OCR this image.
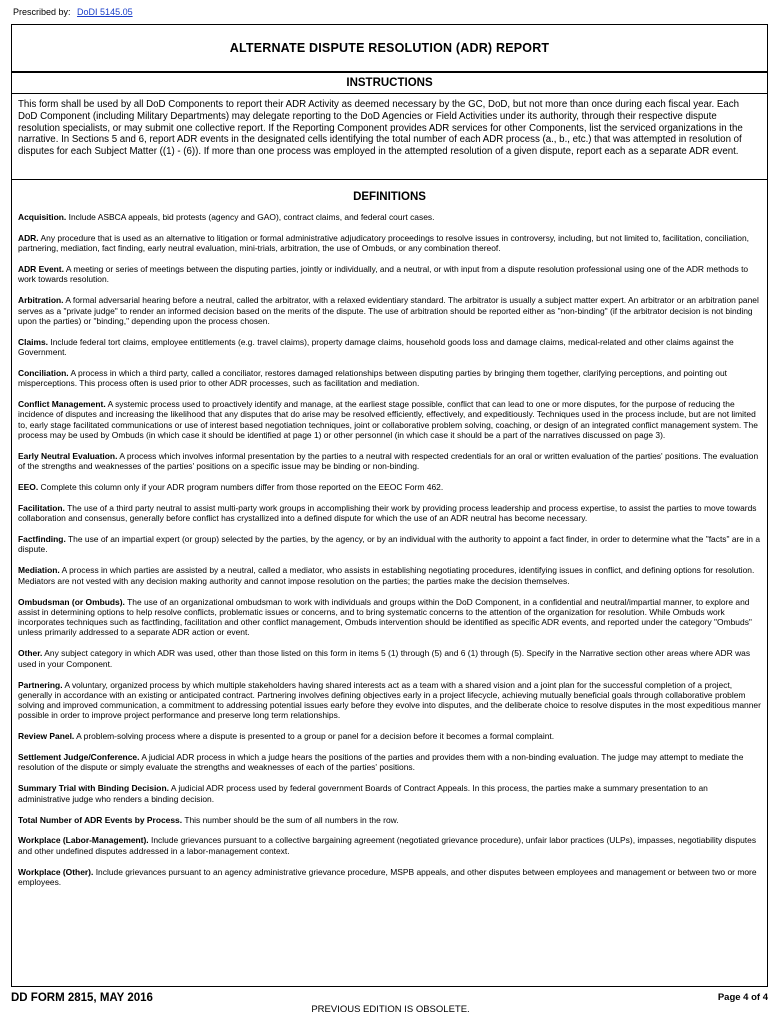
Prescribed by: DoDI 5145.05
ALTERNATE DISPUTE RESOLUTION (ADR) REPORT
INSTRUCTIONS
This form shall be used by all DoD Components to report their ADR Activity as deemed necessary by the GC, DoD, but not more than once during each fiscal year. Each DoD Component (including Military Departments) may delegate reporting to the DoD Agencies or Field Activities under its authority, through their respective dispute resolution specialists, or may submit one collective report. If the Reporting Component provides ADR services for other Components, list the serviced organizations in the narrative. In Sections 5 and 6, report ADR events in the designated cells identifying the total number of each ADR process (a., b., etc.) that was attempted in resolution of disputes for each Subject Matter ((1) - (6)). If more than one process was employed in the attempted resolution of a given dispute, report each as a separate ADR event.
DEFINITIONS

Acquisition. Include ASBCA appeals, bid protests (agency and GAO), contract claims, and federal court cases.

ADR. Any procedure that is used as an alternative to litigation or formal administrative adjudicatory proceedings to resolve issues in controversy, including, but not limited to, facilitation, conciliation, partnering, mediation, fact finding, early neutral evaluation, mini-trials, arbitration, the use of Ombuds, or any combination thereof.

ADR Event. A meeting or series of meetings between the disputing parties, jointly or individually, and a neutral, or with input from a dispute resolution professional using one of the ADR methods to work towards resolution.

Arbitration. A formal adversarial hearing before a neutral, called the arbitrator, with a relaxed evidentiary standard. The arbitrator is usually a subject matter expert. An arbitrator or an arbitration panel serves as a "private judge" to render an informed decision based on the merits of the dispute. The use of arbitration should be reported either as "non-binding" (if the arbitrator decision is not binding upon the parties) or "binding," depending upon the process chosen.

Claims. Include federal tort claims, employee entitlements (e.g. travel claims), property damage claims, household goods loss and damage claims, medical-related and other claims against the Government.

Conciliation. A process in which a third party, called a conciliator, restores damaged relationships between disputing parties by bringing them together, clarifying perceptions, and pointing out misperceptions. This process often is used prior to other ADR processes, such as facilitation and mediation.

Conflict Management. A systemic process used to proactively identify and manage, at the earliest stage possible, conflict that can lead to one or more disputes, for the purpose of reducing the incidence of disputes and increasing the likelihood that any disputes that do arise may be resolved efficiently, effectively, and expeditiously. Techniques used in the process include, but are not limited to, early stage facilitated communications or use of interest based negotiation techniques, joint or collaborative problem solving, coaching, or design of an integrated conflict management system. The process may be used by Ombuds (in which case it should be identified at page 1) or other personnel (in which case it should be a part of the narratives discussed on page 3).

Early Neutral Evaluation. A process which involves informal presentation by the parties to a neutral with respected credentials for an oral or written evaluation of the parties' positions. The evaluation of the strengths and weaknesses of the parties' positions on a specific issue may be binding or non-binding.

EEO. Complete this column only if your ADR program numbers differ from those reported on the EEOC Form 462.

Facilitation. The use of a third party neutral to assist multi-party work groups in accomplishing their work by providing process leadership and process expertise, to assist the parties to move towards collaboration and consensus, generally before conflict has crystallized into a defined dispute for which the use of an ADR neutral has become necessary.

Factfinding. The use of an impartial expert (or group) selected by the parties, by the agency, or by an individual with the authority to appoint a fact finder, in order to determine what the "facts" are in a dispute.

Mediation. A process in which parties are assisted by a neutral, called a mediator, who assists in establishing negotiating procedures, identifying issues in conflict, and defining options for resolution. Mediators are not vested with any decision making authority and cannot impose resolution on the parties; the parties make the decision themselves.

Ombudsman (or Ombuds). The use of an organizational ombudsman to work with individuals and groups within the DoD Component, in a confidential and neutral/impartial manner, to explore and assist in determining options to help resolve conflicts, problematic issues or concerns, and to bring systematic concerns to the attention of the organization for resolution. While Ombuds work incorporates techniques such as factfinding, facilitation and other conflict management, Ombuds intervention should be identified as specific ADR events, and reported under the category "Ombuds" unless primarily addressed to a separate ADR action or event.

Other. Any subject category in which ADR was used, other than those listed on this form in items 5 (1) through (5) and 6 (1) through (5). Specify in the Narrative section other areas where ADR was used in your Component.

Partnering. A voluntary, organized process by which multiple stakeholders having shared interests act as a team with a shared vision and a joint plan for the successful completion of a project, generally in accordance with an existing or anticipated contract. Partnering involves defining objectives early in a project lifecycle, achieving mutually beneficial goals through collaborative problem solving and improved communication, a commitment to addressing potential issues early before they evolve into disputes, and the deliberate choice to resolve disputes in the most expeditious manner possible in order to improve project performance and preserve long term relationships.

Review Panel. A problem-solving process where a dispute is presented to a group or panel for a decision before it becomes a formal complaint.

Settlement Judge/Conference. A judicial ADR process in which a judge hears the positions of the parties and provides them with a non-binding evaluation. The judge may attempt to mediate the resolution of the dispute or simply evaluate the strengths and weaknesses of each of the parties' positions.

Summary Trial with Binding Decision. A judicial ADR process used by federal government Boards of Contract Appeals. In this process, the parties make a summary presentation to an administrative judge who renders a binding decision.

Total Number of ADR Events by Process. This number should be the sum of all numbers in the row.

Workplace (Labor-Management). Include grievances pursuant to a collective bargaining agreement (negotiated grievance procedure), unfair labor practices (ULPs), impasses, negotiability disputes and other undefined disputes addressed in a labor-management context.

Workplace (Other). Include grievances pursuant to an agency administrative grievance procedure, MSPB appeals, and other disputes between employees and management or between two or more employees.

DD FORM 2815, MAY 2016
PREVIOUS EDITION IS OBSOLETE.
Page 4 of 4
